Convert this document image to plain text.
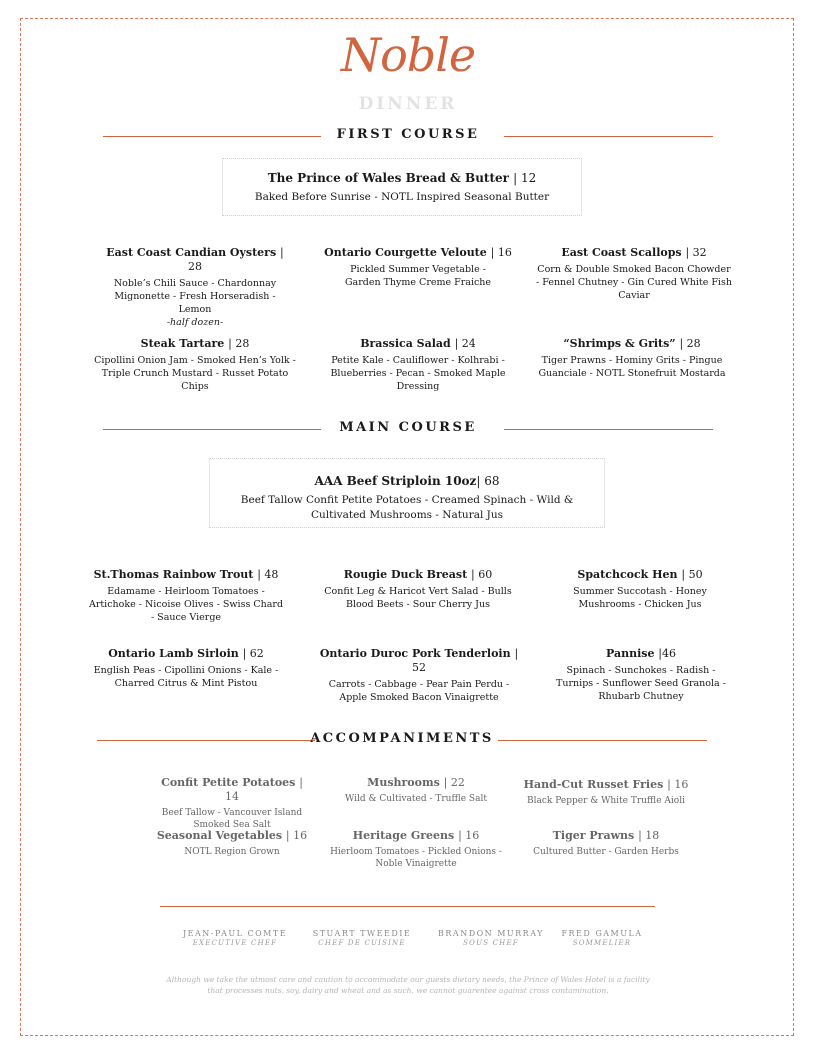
Noble
DINNER
FIRST COURSE
The Prince of Wales Bread & Butter | 12
Baked Before Sunrise - NOTL Inspired Seasonal Butter
East Coast Candian Oysters | 28
Noble’s Chili Sauce - Chardonnay Mignonette - Fresh Horseradish - Lemon
-half dozen-
Ontario Courgette Veloute | 16
Pickled Summer Vegetable - Garden Thyme Creme Fraiche
East Coast Scallops | 32
Corn & Double Smoked Bacon Chowder - Fennel Chutney - Gin Cured White Fish Caviar
Steak Tartare | 28
Cipollini Onion Jam - Smoked Hen’s Yolk - Triple Crunch Mustard - Russet Potato Chips
Brassica Salad | 24
Petite Kale - Cauliflower - Kolhrabi - Blueberries - Pecan - Smoked Maple Dressing
“Shrimps & Grits” | 28
Tiger Prawns - Hominy Grits - Pingue Guanciale - NOTL Stonefruit Mostarda
MAIN COURSE
AAA Beef Striploin 10oz| 68
Beef Tallow Confit Petite Potatoes - Creamed Spinach - Wild & Cultivated Mushrooms - Natural Jus
St.Thomas Rainbow Trout | 48
Edamame - Heirloom Tomatoes - Artichoke - Nicoise Olives - Swiss Chard - Sauce Vierge
Rougie Duck Breast | 60
Confit Leg & Haricot Vert Salad - Bulls Blood Beets - Sour Cherry Jus
Spatchcock Hen | 50
Summer Succotash - Honey Mushrooms - Chicken Jus
Ontario Lamb Sirloin | 62
English Peas - Cipollini Onions - Kale - Charred Citrus & Mint Pistou
Ontario Duroc Pork Tenderloin | 52
Carrots - Cabbage - Pear Pain Perdu - Apple Smoked Bacon Vinaigrette
Pannise |46
Spinach - Sunchokes - Radish - Turnips - Sunflower Seed Granola - Rhubarb Chutney
ACCOMPANIMENTS
Confit Petite Potatoes | 14
Beef Tallow - Vancouver Island Smoked Sea Salt
Mushrooms | 22
Wild & Cultivated - Truffle Salt
Hand-Cut Russet Fries | 16
Black Pepper & White Truffle Aioli
Seasonal Vegetables | 16
NOTL Region Grown
Heritage Greens | 16
Hierloom Tomatoes - Pickled Onions - Noble Vinaigrette
Tiger Prawns | 18
Cultured Butter - Garden Herbs
JEAN-PAUL COMTE
EXECUTIVE CHEF
STUART TWEEDIE
CHEF DE CUISINE
BRANDON MURRAY
SOUS CHEF
FRED GAMULA
SOMMELIER
Although we take the utmost care and caution to accommodate our guests dietary needs, the Prince of Wales Hotel is a facility that processes nuts, soy, dairy and wheat and as such, we cannot guarentee against cross contamination.
